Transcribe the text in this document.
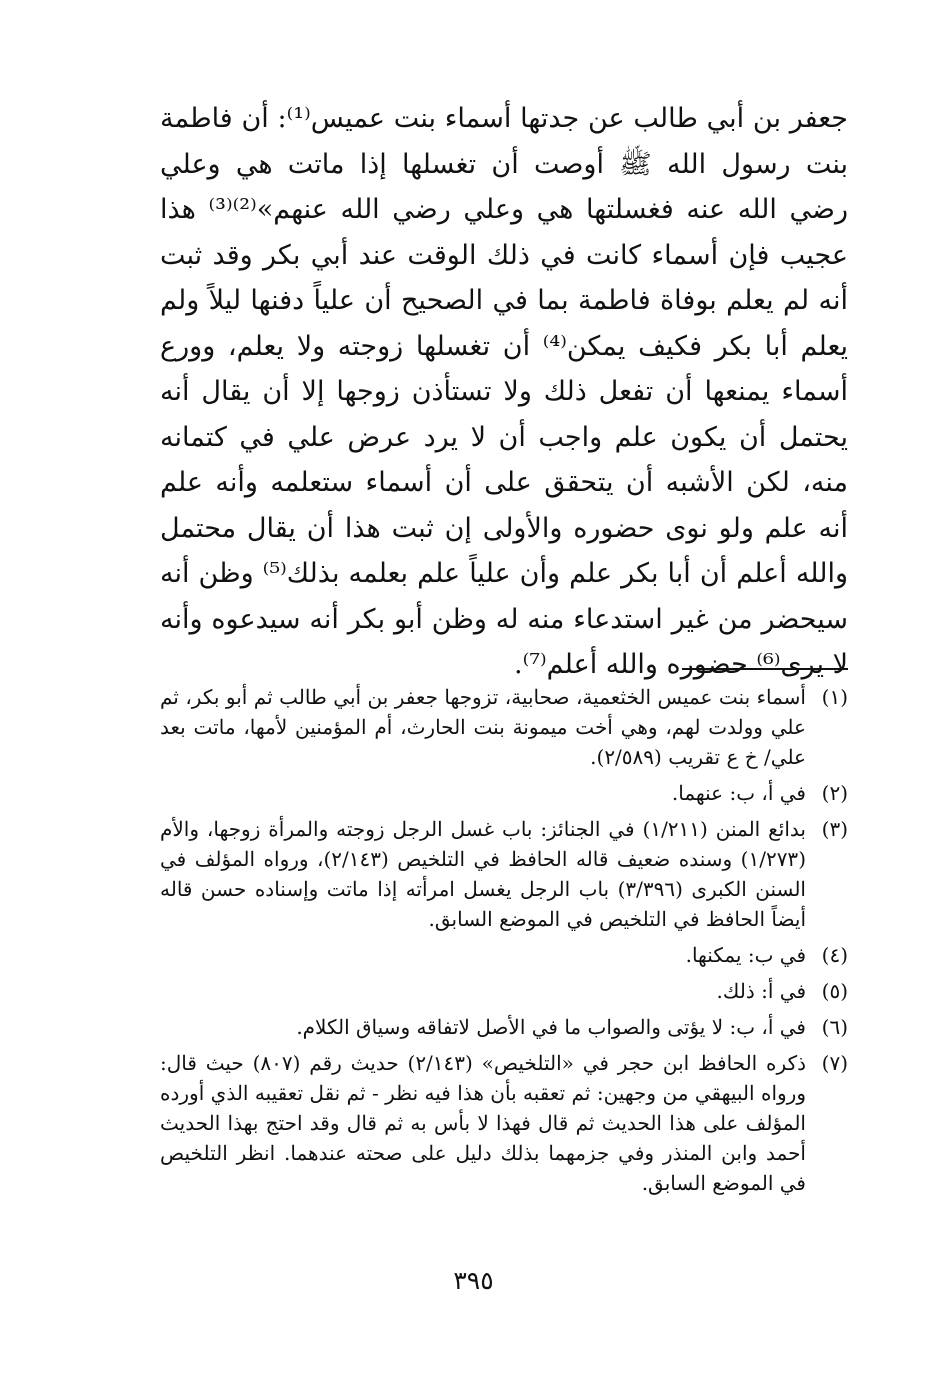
جعفر بن أبي طالب عن جدتها أسماء بنت عميس⁽¹⁾: أن فاطمة بنت رسول الله ﷺ أوصت أن تغسلها إذا ماتت هي وعلي رضي الله عنه فغسلتها هي وعلي رضي الله عنهم»⁽²⁾⁽³⁾ هذا عجيب فإن أسماء كانت في ذلك الوقت عند أبي بكر وقد ثبت أنه لم يعلم بوفاة فاطمة بما في الصحيح أن علياً دفنها ليلاً ولم يعلم أبا بكر فكيف يمكن⁽⁴⁾ أن تغسلها زوجته ولا يعلم، وورع أسماء يمنعها أن تفعل ذلك ولا تستأذن زوجها إلا أن يقال أنه يحتمل أن يكون علم واجب أن لا يرد عرض علي في كتمانه منه، لكن الأشبه أن يتحقق على أن أسماء ستعلمه وأنه علم أنه علم ولو نوى حضوره والأولى إن ثبت هذا أن يقال محتمل والله أعلم أن أبا بكر علم وأن علياً علم بعلمه بذلك⁽⁵⁾ وظن أنه سيحضر من غير استدعاء منه له وظن أبو بكر أنه سيدعوه وأنه لا يرى⁽⁶⁾ حضوره والله أعلم⁽⁷⁾.

(١)
أسماء بنت عميس الخثعمية، صحابية، تزوجها جعفر بن أبي طالب ثم أبو بكر، ثم علي وولدت لهم، وهي أخت ميمونة بنت الحارث، أم المؤمنين لأمها، ماتت بعد علي/ خ ع تقريب (٢/٥٨٩).
(٢)
في أ، ب: عنهما.
(٣)
بدائع المنن (١/٢١١) في الجنائز: باب غسل الرجل زوجته والمرأة زوجها، والأم (١/٢٧٣) وسنده ضعيف قاله الحافظ في التلخيص (٢/١٤٣)، ورواه المؤلف في السنن الكبرى (٣/٣٩٦) باب الرجل يغسل امرأته إذا ماتت وإسناده حسن قاله أيضاً الحافظ في التلخيص في الموضع السابق.
(٤)
في ب: يمكنها.
(٥)
في أ: ذلك.
(٦)
في أ، ب: لا يؤتى والصواب ما في الأصل لاتفاقه وسياق الكلام.
(٧)
ذكره الحافظ ابن حجر في «التلخيص» (٢/١٤٣) حديث رقم (٨٠٧) حيث قال: ورواه البيهقي من وجهين: ثم تعقبه بأن هذا فيه نظر - ثم نقل تعقيبه الذي أورده المؤلف على هذا الحديث ثم قال فهذا لا بأس به ثم قال وقد احتج بهذا الحديث أحمد وابن المنذر وفي جزمهما بذلك دليل على صحته عندهما. انظر التلخيص في الموضع السابق.
٣٩٥
